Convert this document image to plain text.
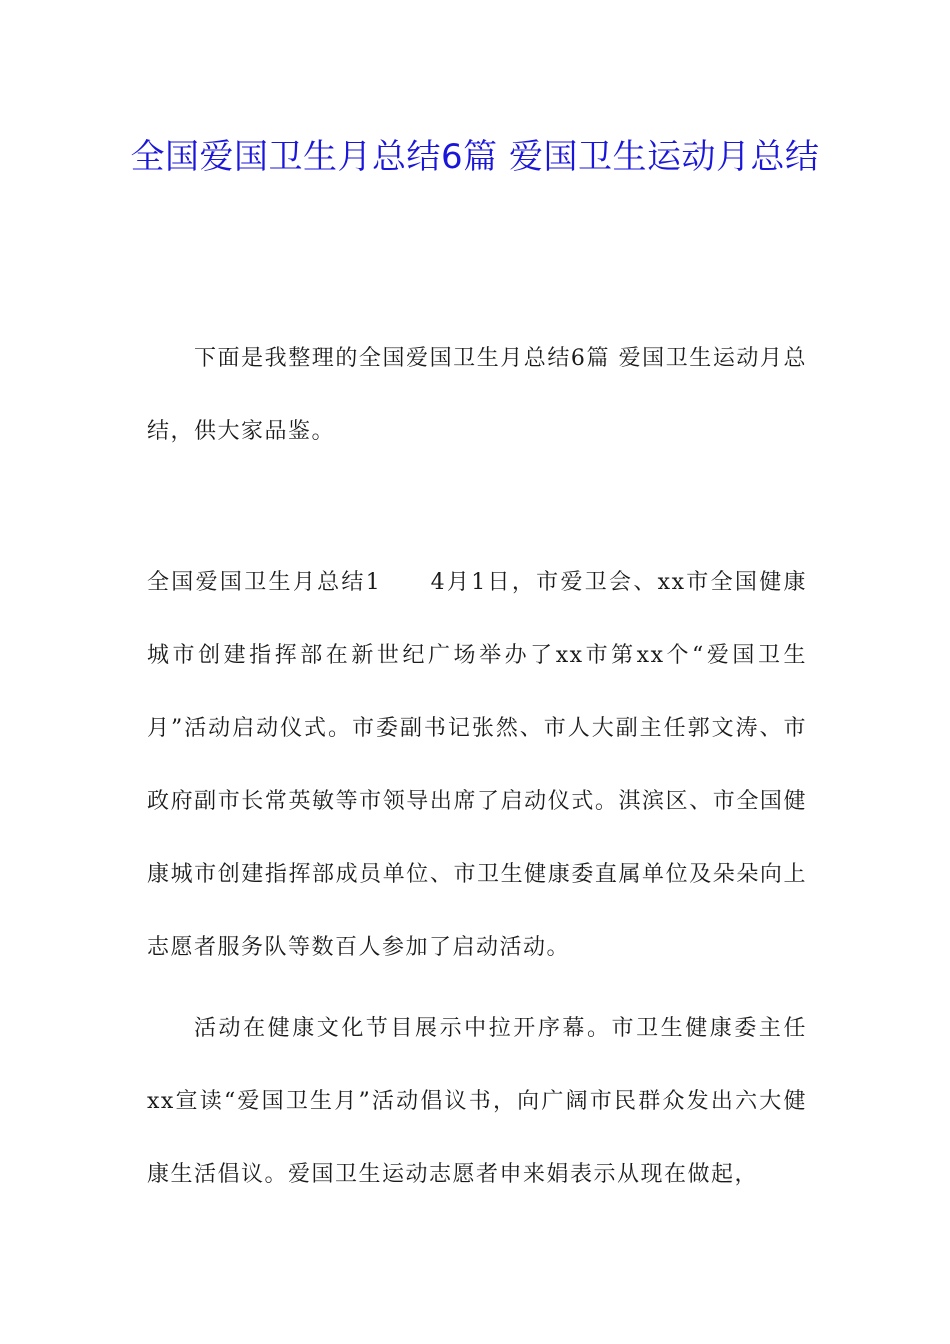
全国爱国卫生月总结6篇 爱国卫生运动月总结

下面是我整理的全国爱国卫生月总结6篇 爱国卫生运动月总结，供大家品鉴。

全国爱国卫生月总结1　　4月1日，市爱卫会、xx市全国健康城市创建指挥部在新世纪广场举办了xx市第xx个“爱国卫生月”活动启动仪式。市委副书记张然、市人大副主任郭文涛、市政府副市长常英敏等市领导出席了启动仪式。淇滨区、市全国健康城市创建指挥部成员单位、市卫生健康委直属单位及朵朵向上志愿者服务队等数百人参加了启动活动。

活动在健康文化节目展示中拉开序幕。市卫生健康委主任xx宣读“爱国卫生月”活动倡议书，向广阔市民群众发出六大健康生活倡议。爱国卫生运动志愿者申来娟表示从现在做起，
